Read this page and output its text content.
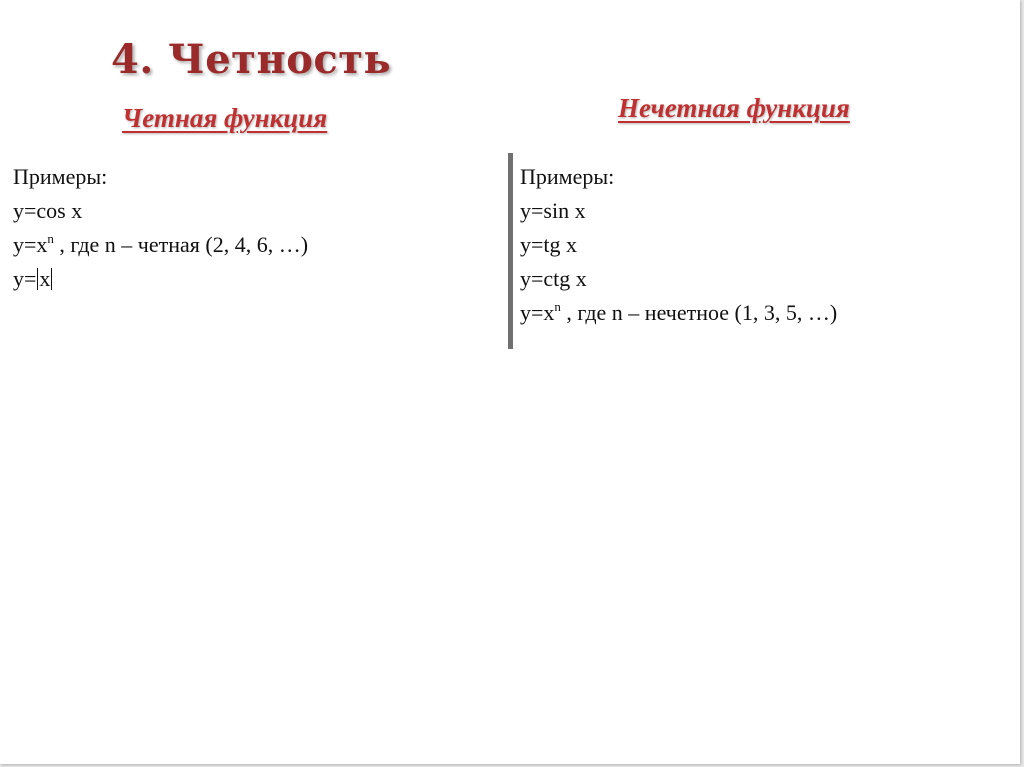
4. Четность
Четная функция	Нечетная функция
Примеры:
y=cos x
$y=x^n$ , где n – четная (2, 4, 6, …)
y= x
Примеры:
y=sin x
y=tg x
y=ctg x
$y=x^n$ , где n – нечетное (1, 3, 5, …)
